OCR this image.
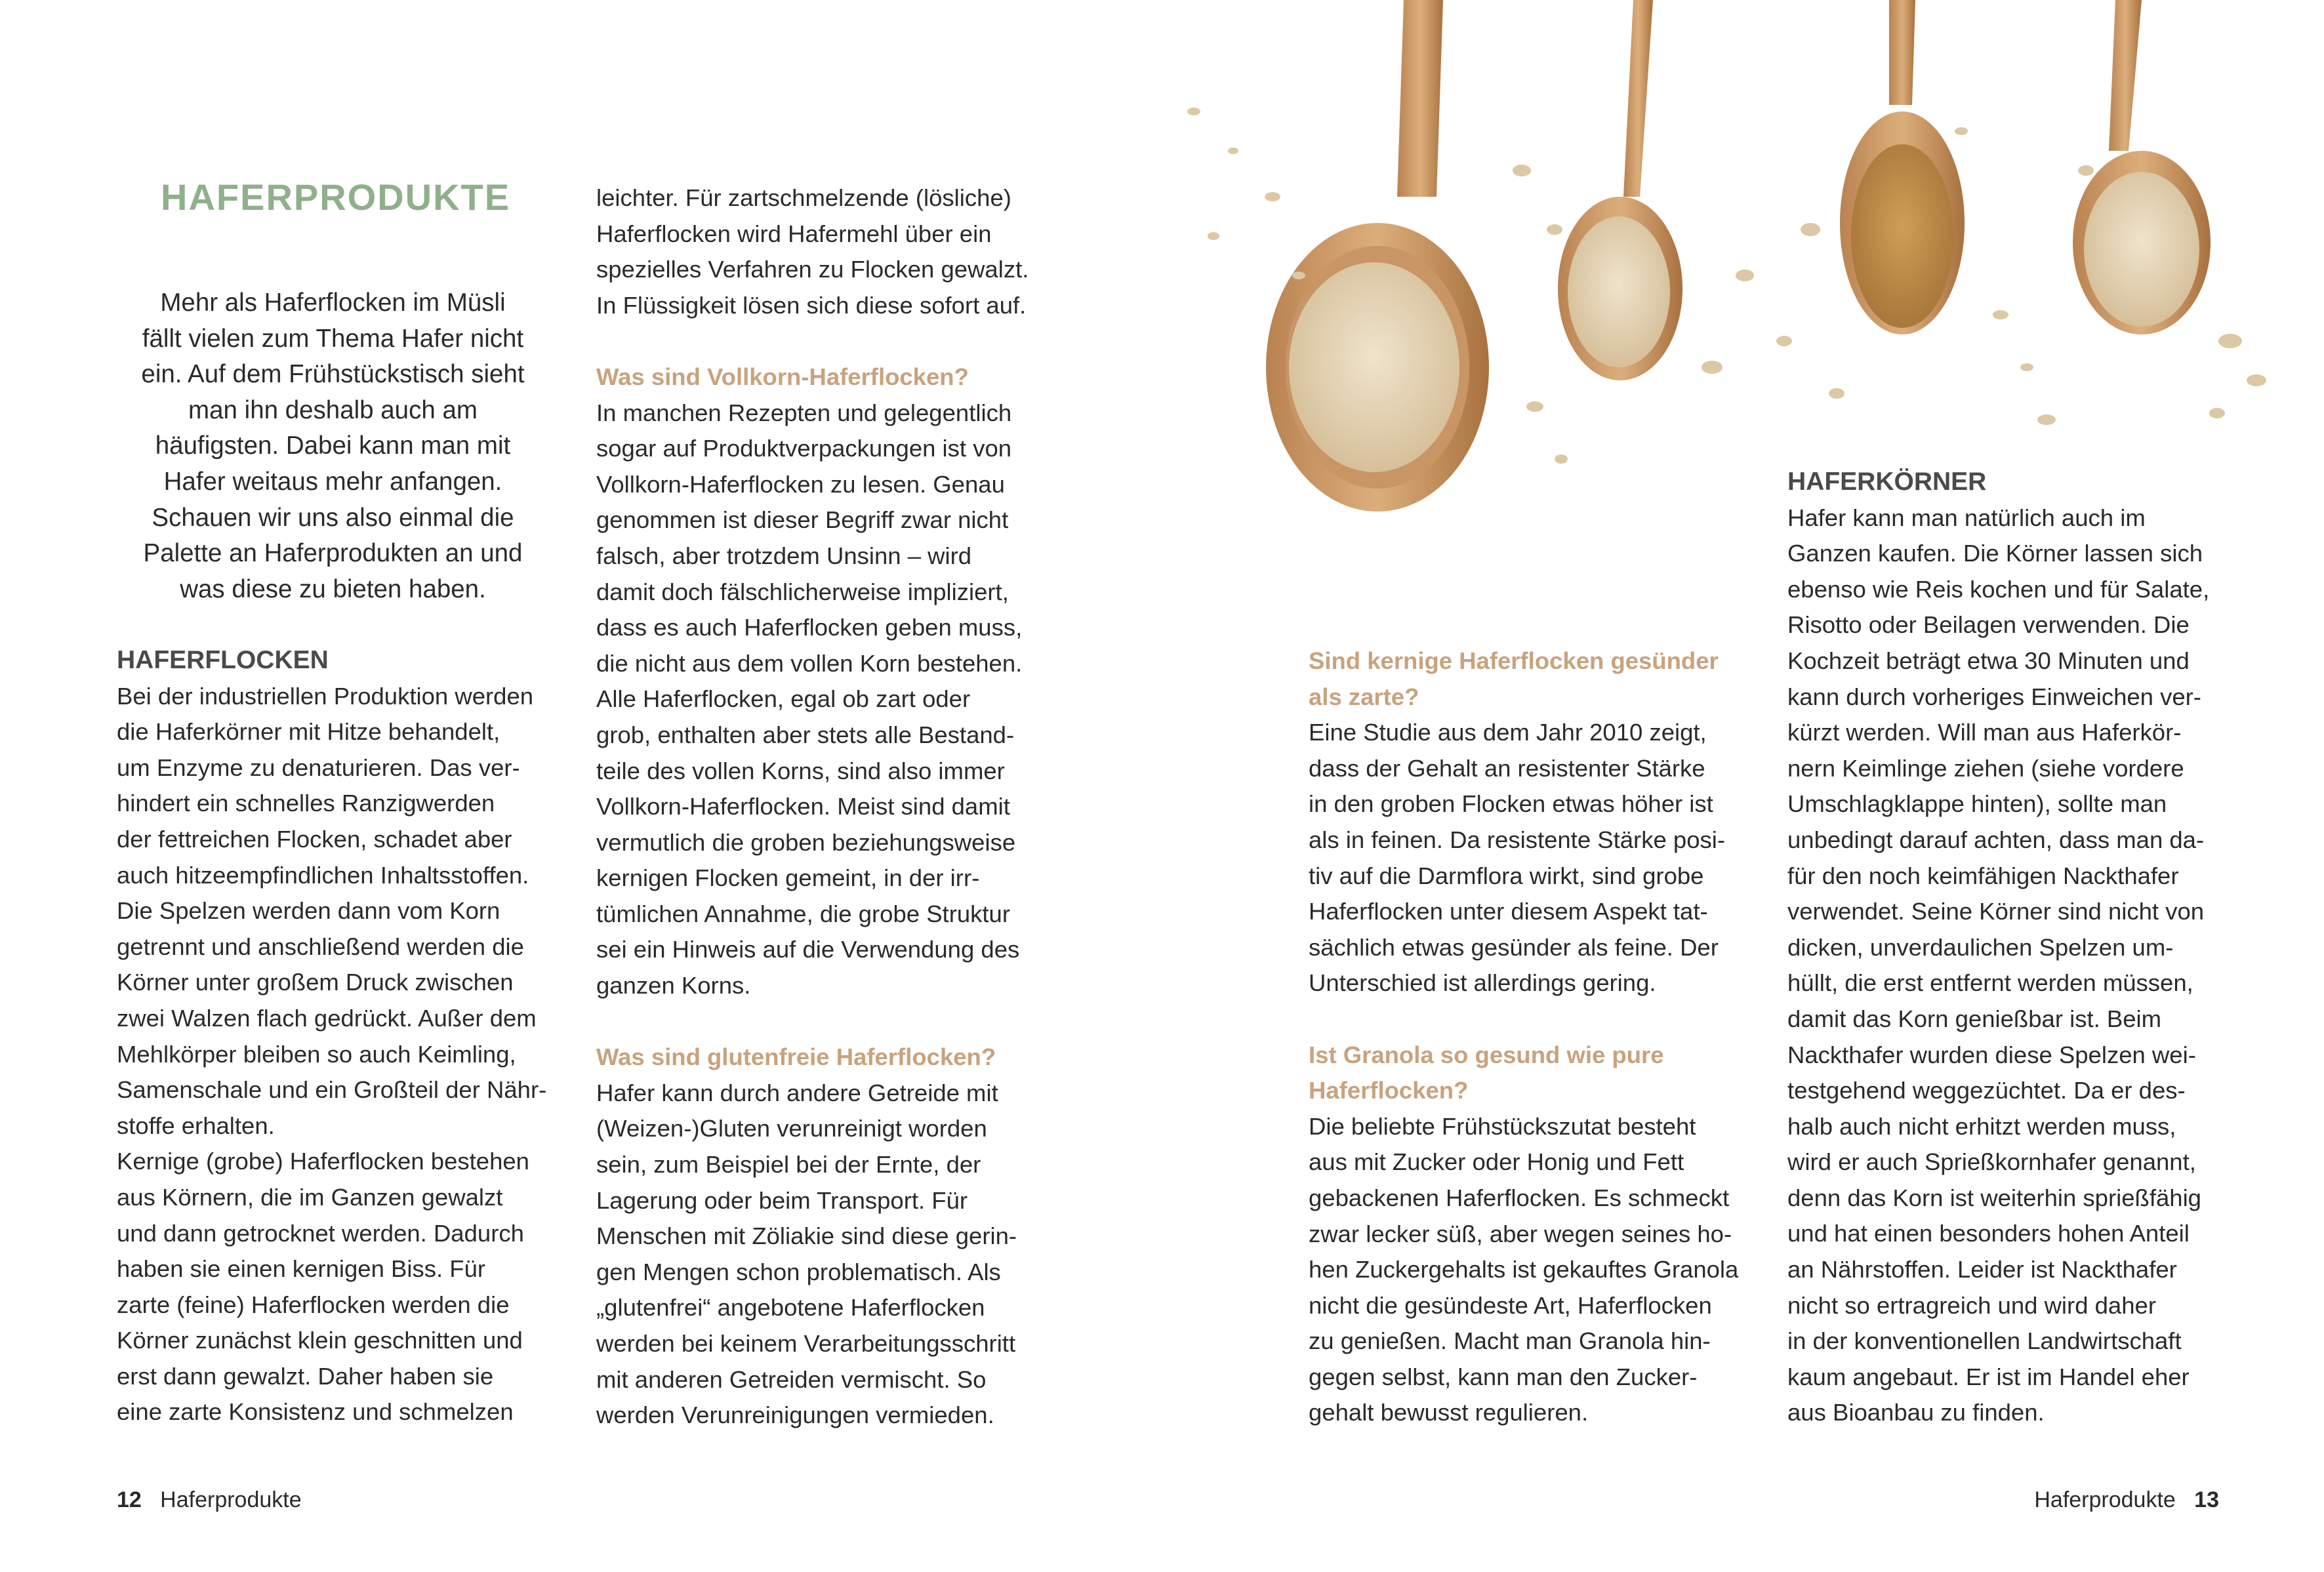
HAFERPRODUKTE
Mehr als Haferflocken im Müsli
fällt vielen zum Thema Hafer nicht
ein. Auf dem Frühstückstisch sieht
man ihn deshalb auch am
häufigsten. Dabei kann man mit
Hafer weitaus mehr anfangen.
Schauen wir uns also einmal die
Palette an Haferprodukten an und
was diese zu bieten haben.
HAFERFLOCKEN
Bei der industriellen Produktion werden
die Haferkörner mit Hitze behandelt,
um Enzyme zu denaturieren. Das ver-
hindert ein schnelles Ranzigwerden
der fettreichen Flocken, schadet aber
auch hitzeempfindlichen Inhaltsstoffen.
Die Spelzen werden dann vom Korn
getrennt und anschließend werden die
Körner unter großem Druck zwischen
zwei Walzen flach gedrückt. Außer dem
Mehlkörper bleiben so auch Keimling,
Samenschale und ein Großteil der Nähr-
stoffe erhalten.
Kernige (grobe) Haferflocken bestehen
aus Körnern, die im Ganzen gewalzt
und dann getrocknet werden. Dadurch
haben sie einen kernigen Biss. Für
zarte (feine) Haferflocken werden die
Körner zunächst klein geschnitten und
erst dann gewalzt. Daher haben sie
eine zarte Konsistenz und schmelzen
leichter. Für zartschmelzende (lösliche)
Haferflocken wird Hafermehl über ein
spezielles Verfahren zu Flocken gewalzt.
In Flüssigkeit lösen sich diese sofort auf.
Was sind Vollkorn-Haferflocken?
In manchen Rezepten und gelegentlich
sogar auf Produktverpackungen ist von
Vollkorn-Haferflocken zu lesen. Genau
genommen ist dieser Begriff zwar nicht
falsch, aber trotzdem Unsinn – wird
damit doch fälschlicherweise impliziert,
dass es auch Haferflocken geben muss,
die nicht aus dem vollen Korn bestehen.
Alle Haferflocken, egal ob zart oder
grob, enthalten aber stets alle Bestand-
teile des vollen Korns, sind also immer
Vollkorn-Haferflocken. Meist sind damit
vermutlich die groben beziehungsweise
kernigen Flocken gemeint, in der irr-
tümlichen Annahme, die grobe Struktur
sei ein Hinweis auf die Verwendung des
ganzen Korns.
Was sind glutenfreie Haferflocken?
Hafer kann durch andere Getreide mit
(Weizen-)Gluten verunreinigt worden
sein, zum Beispiel bei der Ernte, der
Lagerung oder beim Transport. Für
Menschen mit Zöliakie sind diese gerin-
gen Mengen schon problematisch. Als
„glutenfrei“ angebotene Haferflocken
werden bei keinem Verarbeitungsschritt
mit anderen Getreiden vermischt. So
werden Verunreinigungen vermieden.
12 Haferprodukte
Sind kernige Haferflocken gesünder
als zarte?
Eine Studie aus dem Jahr 2010 zeigt,
dass der Gehalt an resistenter Stärke
in den groben Flocken etwas höher ist
als in feinen. Da resistente Stärke posi-
tiv auf die Darmflora wirkt, sind grobe
Haferflocken unter diesem Aspekt tat-
sächlich etwas gesünder als feine. Der
Unterschied ist allerdings gering.
Ist Granola so gesund wie pure
Haferflocken?
Die beliebte Frühstückszutat besteht
aus mit Zucker oder Honig und Fett
gebackenen Haferflocken. Es schmeckt
zwar lecker süß, aber wegen seines ho-
hen Zuckergehalts ist gekauftes Granola
nicht die gesündeste Art, Haferflocken
zu genießen. Macht man Granola hin-
gegen selbst, kann man den Zucker-
gehalt bewusst regulieren.
HAFERKÖRNER
Hafer kann man natürlich auch im
Ganzen kaufen. Die Körner lassen sich
ebenso wie Reis kochen und für Salate,
Risotto oder Beilagen verwenden. Die
Kochzeit beträgt etwa 30 Minuten und
kann durch vorheriges Einweichen ver-
kürzt werden. Will man aus Haferkör-
nern Keimlinge ziehen (siehe vordere
Umschlagklappe hinten), sollte man
unbedingt darauf achten, dass man da-
für den noch keimfähigen Nackthafer
verwendet. Seine Körner sind nicht von
dicken, unverdaulichen Spelzen um-
hüllt, die erst entfernt werden müssen,
damit das Korn genießbar ist. Beim
Nackthafer wurden diese Spelzen wei-
testgehend weggezüchtet. Da er des-
halb auch nicht erhitzt werden muss,
wird er auch Sprießkornhafer genannt,
denn das Korn ist weiterhin sprießfähig
und hat einen besonders hohen Anteil
an Nährstoffen. Leider ist Nackthafer
nicht so ertragreich und wird daher
in der konventionellen Landwirtschaft
kaum angebaut. Er ist im Handel eher
aus Bioanbau zu finden.
Haferprodukte 13
